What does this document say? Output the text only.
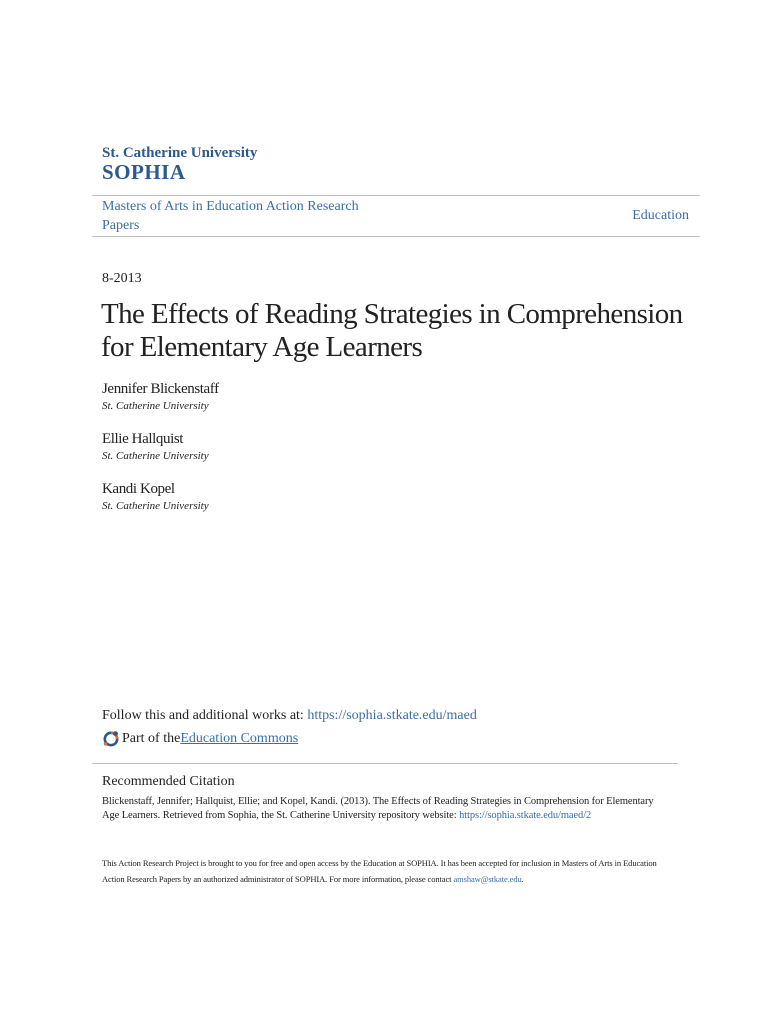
St. Catherine University
SOPHIA
Masters of Arts in Education Action Research Papers
Education
8-2013
The Effects of Reading Strategies in Comprehension for Elementary Age Learners
Jennifer Blickenstaff
St. Catherine University
Ellie Hallquist
St. Catherine University
Kandi Kopel
St. Catherine University
Follow this and additional works at: https://sophia.stkate.edu/maed
Part of the Education Commons
Recommended Citation
Blickenstaff, Jennifer; Hallquist, Ellie; and Kopel, Kandi. (2013). The Effects of Reading Strategies in Comprehension for Elementary Age Learners. Retrieved from Sophia, the St. Catherine University repository website: https://sophia.stkate.edu/maed/2
This Action Research Project is brought to you for free and open access by the Education at SOPHIA. It has been accepted for inclusion in Masters of Arts in Education Action Research Papers by an authorized administrator of SOPHIA. For more information, please contact amshaw@stkate.edu.
